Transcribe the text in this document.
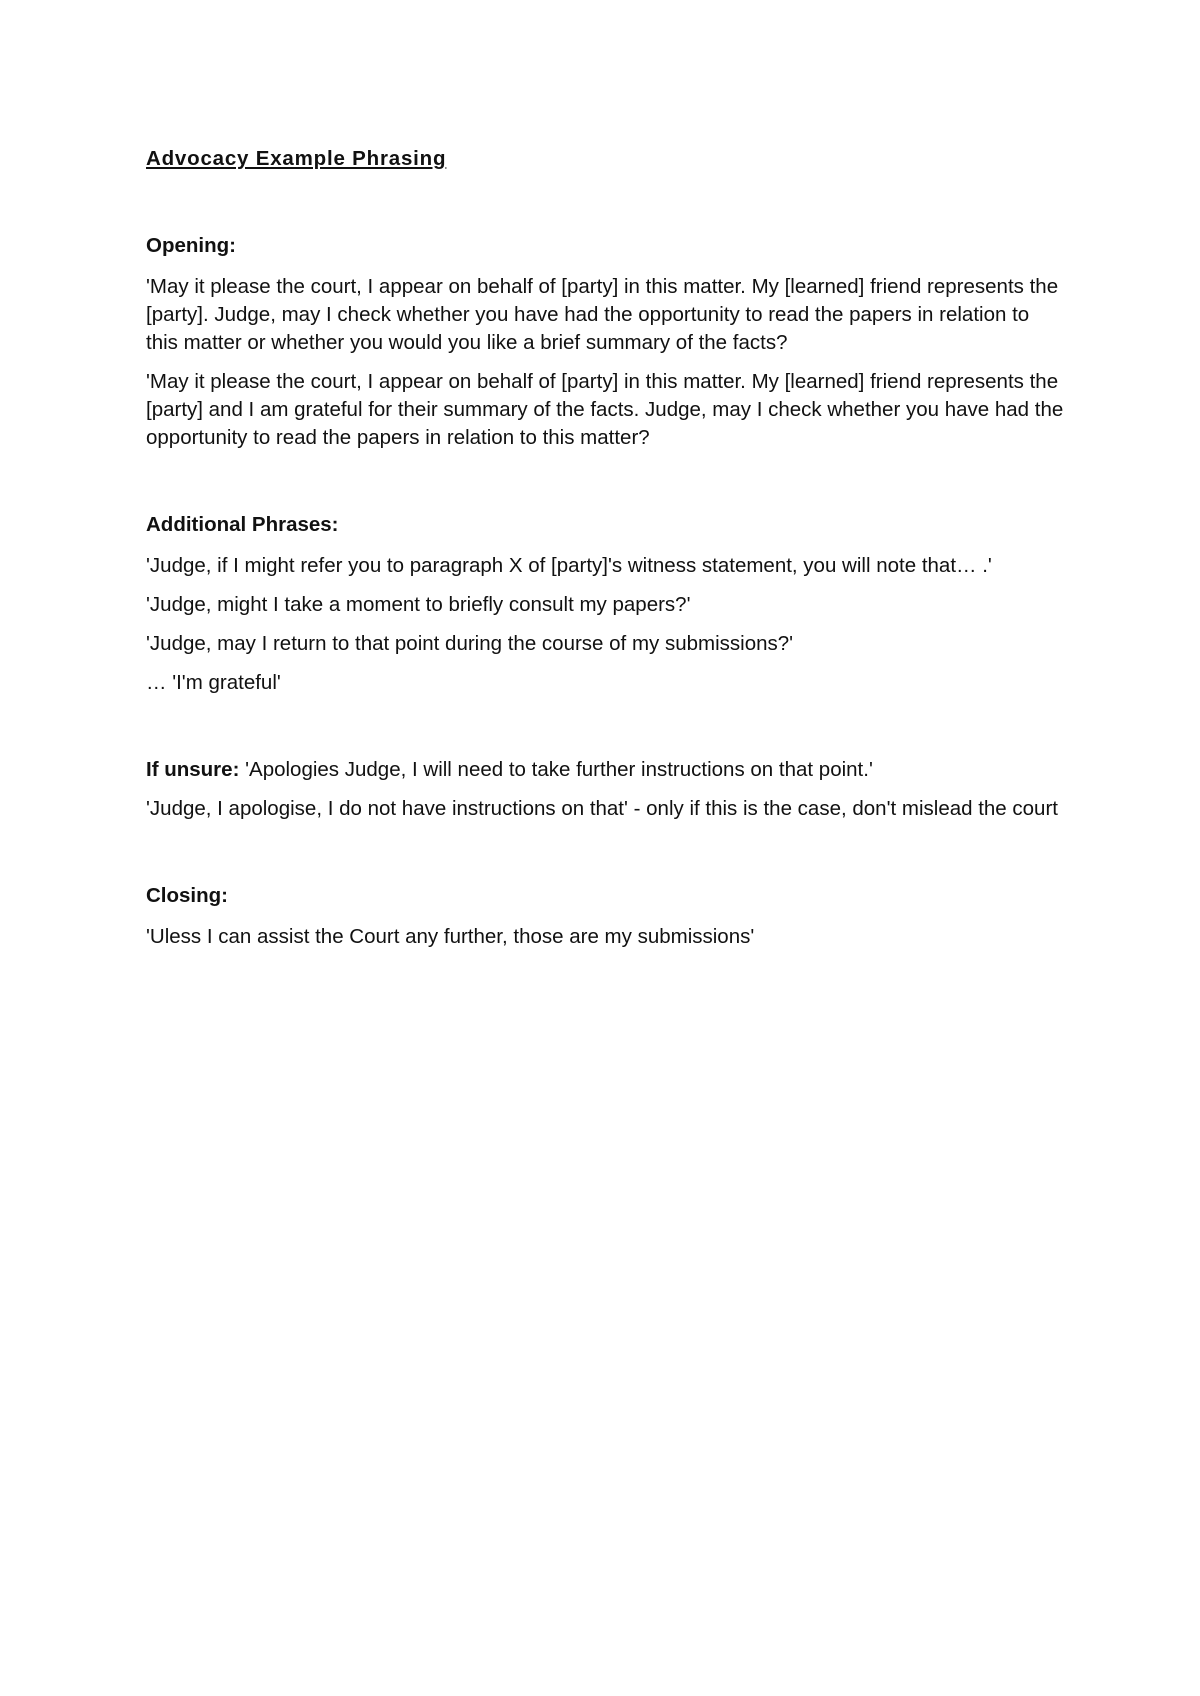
Advocacy Example Phrasing
Opening:

'May it please the court, I appear on behalf of [party] in this matter. My [learned] friend represents the [party]. Judge, may I check whether you have had the opportunity to read the papers in relation to this matter or whether you would you like a brief summary of the facts?

'May it please the court, I appear on behalf of [party] in this matter. My [learned] friend represents the [party] and I am grateful for their summary of the facts. Judge, may I check whether you have had the opportunity to read the papers in relation to this matter?

Additional Phrases:

'Judge, if I might refer you to paragraph X of [party]'s witness statement, you will note that… .'

'Judge, might I take a moment to briefly consult my papers?'

'Judge, may I return to that point during the course of my submissions?'

… 'I'm grateful'

If unsure: 'Apologies Judge, I will need to take further instructions on that point.'

'Judge, I apologise, I do not have instructions on that' - only if this is the case, don't mislead the court

Closing:

'Uless I can assist the Court any further, those are my submissions'
